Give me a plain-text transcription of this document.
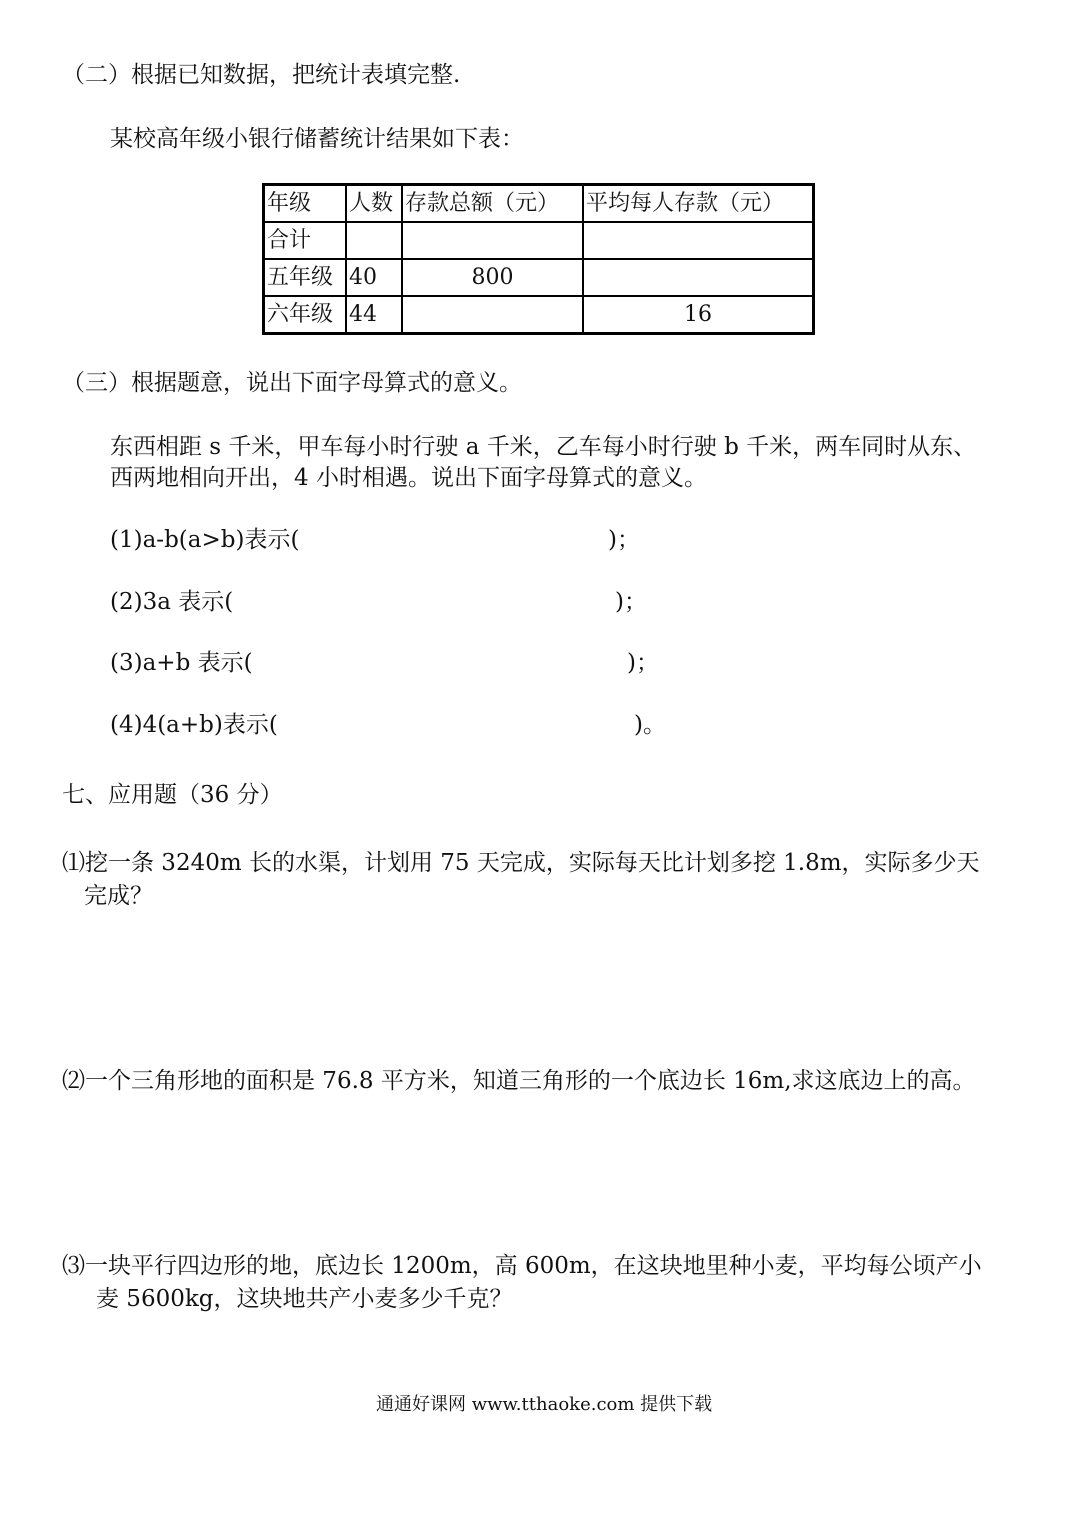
（二）根据已知数据，把统计表填完整.
某校高年级小银行储蓄统计结果如下表：
年级	人数	存款总额（元）	平均每人存款（元）
合计			
五年级	40	800	
六年级	44		16
（三）根据题意，说出下面字母算式的意义。
东西相距 s 千米，甲车每小时行驶 a 千米，乙车每小时行驶 b 千米，两车同时从东、
西两地相向开出，4 小时相遇。说出下面字母算式的意义。
(1)a-b(a>b)表示(	)；
(2)3a 表示(	)；
(3)a+b 表示(	)；
(4)4(a+b)表示(	)。
七、应用题（36 分）
⑴挖一条 3240m 长的水渠，计划用 75 天完成，实际每天比计划多挖 1.8m，实际多少天
完成？
⑵一个三角形地的面积是 76.8 平方米，知道三角形的一个底边长 16m,求这底边上的高。
⑶一块平行四边形的地，底边长 1200m，高 600m，在这块地里种小麦，平均每公顷产小
麦 5600kg，这块地共产小麦多少千克？
通通好课网 www.tthaoke.com 提供下载
